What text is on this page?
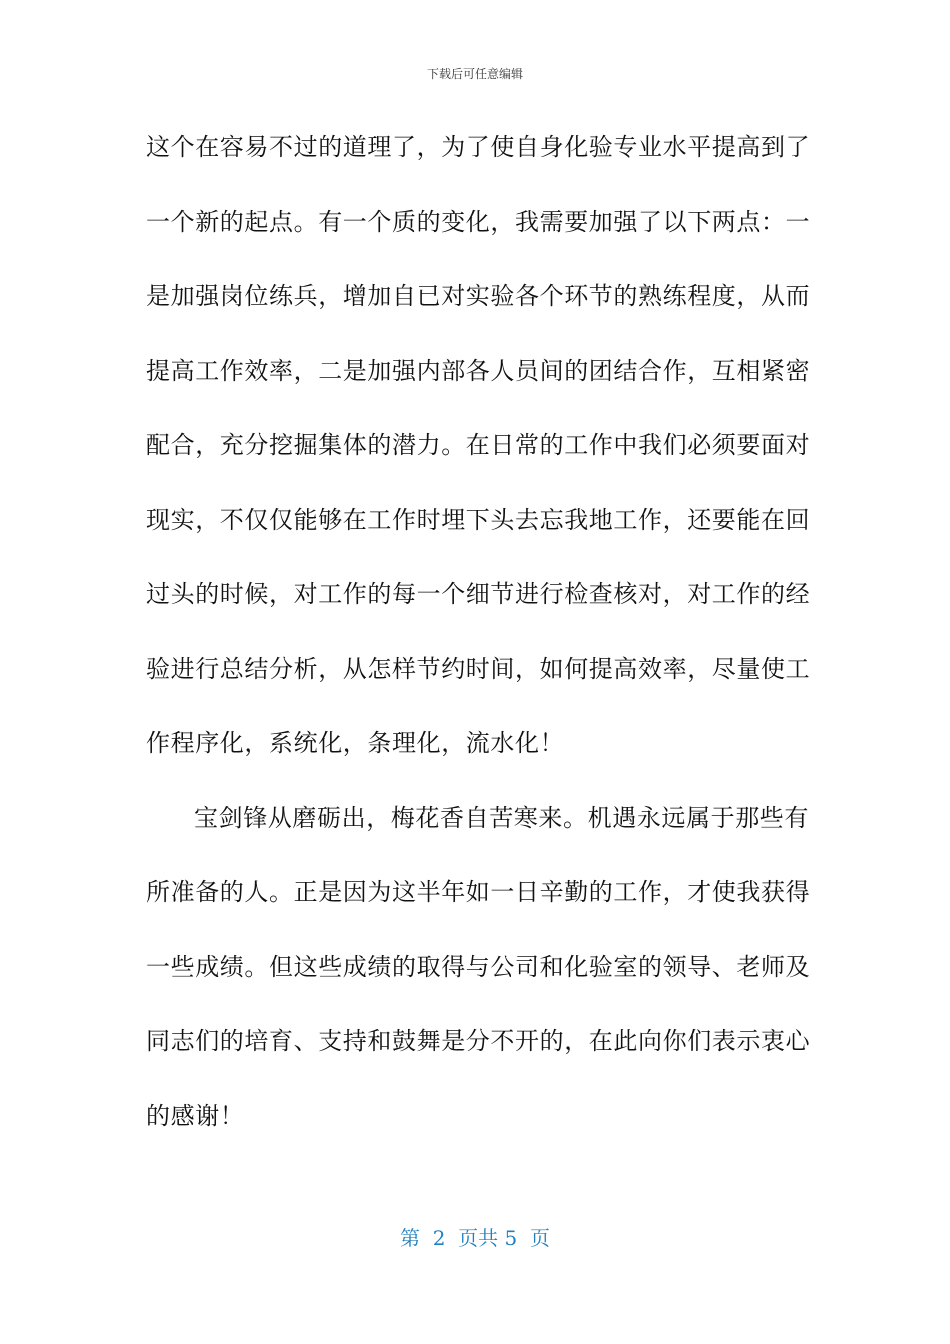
下载后可任意编辑
这个在容易不过的道理了，为了使自身化验专业水平提高到了
一个新的起点。有一个质的变化，我需要加强了以下两点：一
是加强岗位练兵，增加自已对实验各个环节的熟练程度，从而
提高工作效率，二是加强内部各人员间的团结合作，互相紧密
配合，充分挖掘集体的潜力。在日常的工作中我们必须要面对
现实，不仅仅能够在工作时埋下头去忘我地工作，还要能在回
过头的时候，对工作的每一个细节进行检查核对，对工作的经
验进行总结分析，从怎样节约时间，如何提高效率，尽量使工
作程序化，系统化，条理化，流水化！
宝剑锋从磨砺出，梅花香自苦寒来。机遇永远属于那些有
所准备的人。正是因为这半年如一日辛勤的工作，才使我获得
一些成绩。但这些成绩的取得与公司和化验室的领导、老师及
同志们的培育、支持和鼓舞是分不开的，在此向你们表示衷心
的感谢！
第  2  页共 5  页
